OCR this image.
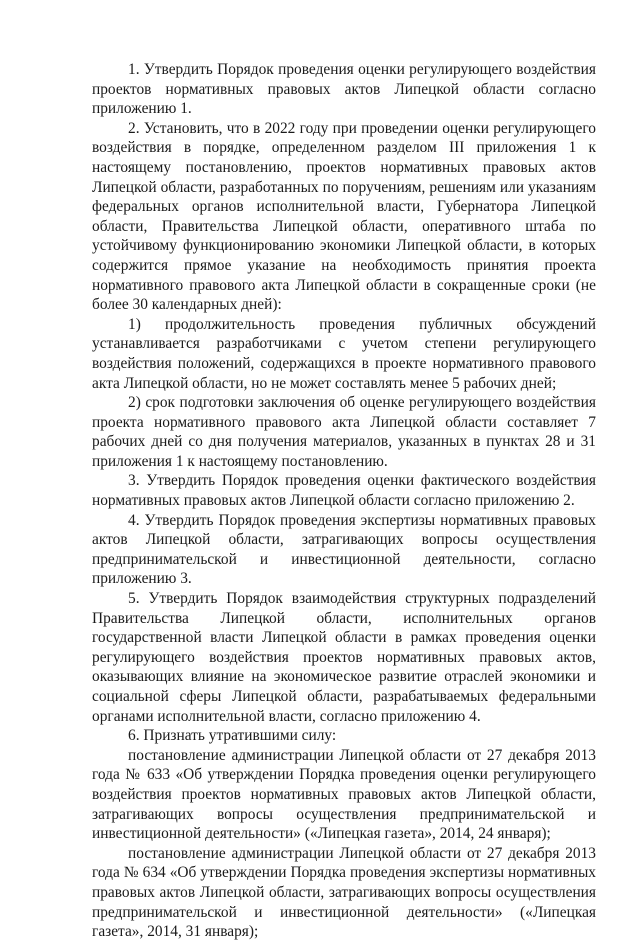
1. Утвердить Порядок проведения оценки регулирующего воздействия проектов нормативных правовых актов Липецкой области согласно приложению 1.

2. Установить, что в 2022 году при проведении оценки регулирующего воздействия в порядке, определенном разделом III приложения 1 к настоящему постановлению, проектов нормативных правовых актов Липецкой области, разработанных по поручениям, решениям или указаниям федеральных органов исполнительной власти, Губернатора Липецкой области, Правительства Липецкой области, оперативного штаба по устойчивому функционированию экономики Липецкой области, в которых содержится прямое указание на необходимость принятия проекта нормативного правового акта Липецкой области в сокращенные сроки (не более 30 календарных дней):

1) продолжительность проведения публичных обсуждений устанавливается разработчиками с учетом степени регулирующего воздействия положений, содержащихся в проекте нормативного правового акта Липецкой области, но не может составлять менее 5 рабочих дней;

2) срок подготовки заключения об оценке регулирующего воздействия проекта нормативного правового акта Липецкой области составляет 7 рабочих дней со дня получения материалов, указанных в пунктах 28 и 31 приложения 1 к настоящему постановлению.

3. Утвердить Порядок проведения оценки фактического воздействия нормативных правовых актов Липецкой области согласно приложению 2.

4. Утвердить Порядок проведения экспертизы нормативных правовых актов Липецкой области, затрагивающих вопросы осуществления предпринимательской и инвестиционной деятельности, согласно приложению 3.

5. Утвердить Порядок взаимодействия структурных подразделений Правительства Липецкой области, исполнительных органов государственной власти Липецкой области в рамках проведения оценки регулирующего воздействия проектов нормативных правовых актов, оказывающих влияние на экономическое развитие отраслей экономики и социальной сферы Липецкой области, разрабатываемых федеральными органами исполнительной власти, согласно приложению 4.

6. Признать утратившими силу:

постановление администрации Липецкой области от 27 декабря 2013 года № 633 «Об утверждении Порядка проведения оценки регулирующего воздействия проектов нормативных правовых актов Липецкой области, затрагивающих вопросы осуществления предпринимательской и инвестиционной деятельности» («Липецкая газета», 2014, 24 января);

постановление администрации Липецкой области от 27 декабря 2013 года № 634 «Об утверждении Порядка проведения экспертизы нормативных правовых актов Липецкой области, затрагивающих вопросы осуществления предпринимательской и инвестиционной деятельности» («Липецкая газета», 2014, 31 января);
